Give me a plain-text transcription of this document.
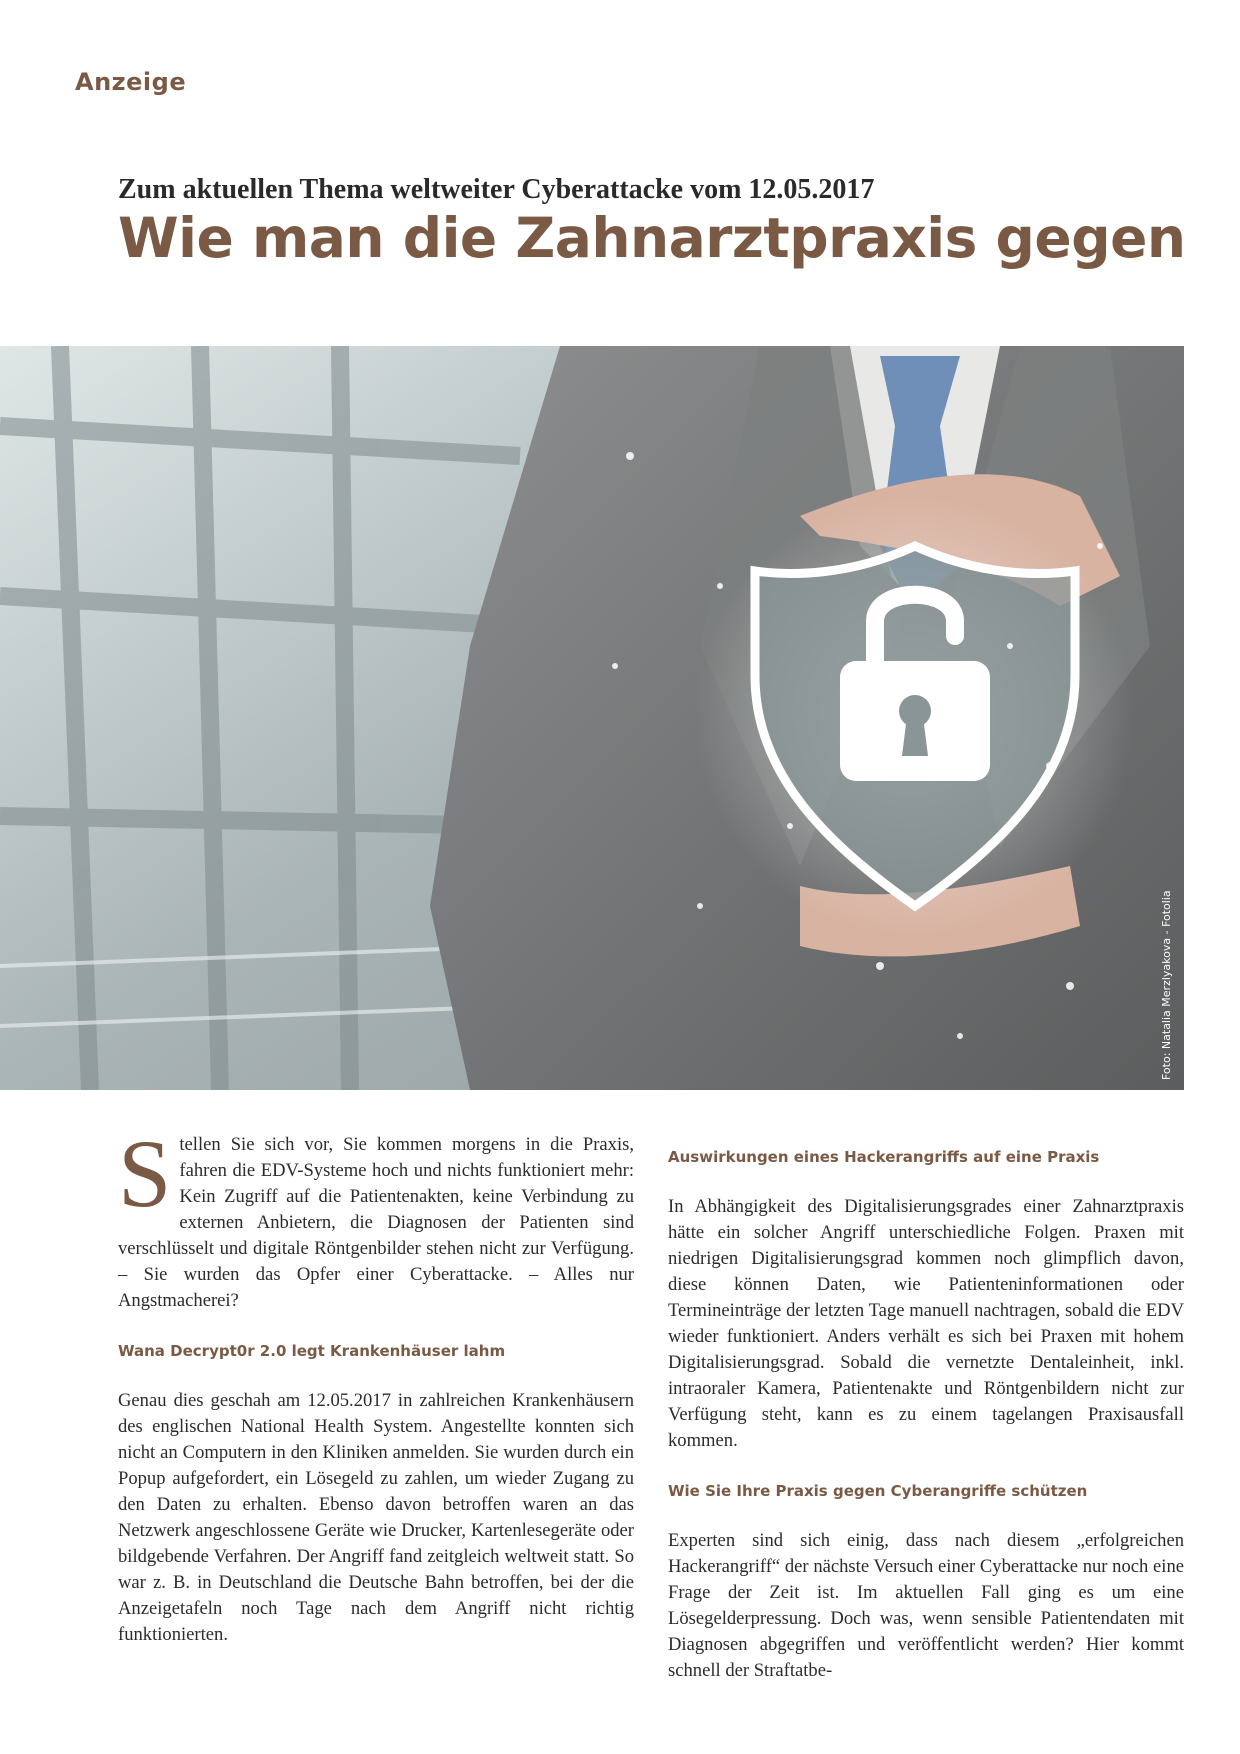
Anzeige
Zum aktuellen Thema weltweiter Cyberattacke vom 12.05.2017
Wie man die Zahnarztpraxis gegen
Foto: Natalia Merzlyakova - Fotolia

Stellen Sie sich vor, Sie kommen morgens in die Praxis, fahren die EDV-Systeme hoch und nichts funktioniert mehr: Kein Zugriff auf die Patientenakten, keine Verbindung zu externen Anbietern, die Diagnosen der Patienten sind verschlüsselt und digitale Röntgenbilder stehen nicht zur Verfügung. – Sie wurden das Opfer einer Cyberattacke. – Alles nur Angstmacherei?

Wana Decrypt0r 2.0 legt Krankenhäuser lahm

Genau dies geschah am 12.05.2017 in zahlreichen Krankenhäusern des englischen National Health System. Angestellte konnten sich nicht an Computern in den Kliniken anmelden. Sie wurden durch ein Popup aufgefordert, ein Lösegeld zu zahlen, um wieder Zugang zu den Daten zu erhalten. Ebenso davon betroffen waren an das Netzwerk angeschlossene Geräte wie Drucker, Kartenlesegeräte oder bildgebende Verfahren. Der Angriff fand zeitgleich weltweit statt. So war z. B. in Deutschland die Deutsche Bahn betroffen, bei der die Anzeigetafeln noch Tage nach dem Angriff nicht richtig funktionierten.

Auswirkungen eines Hackerangriffs auf eine Praxis

In Abhängigkeit des Digitalisierungsgrades einer Zahnarztpraxis hätte ein solcher Angriff unterschiedliche Folgen. Praxen mit niedrigen Digitalisierungsgrad kommen noch glimpflich davon, diese können Daten, wie Patienteninformationen oder Termineinträge der letzten Tage manuell nachtragen, sobald die EDV wieder funktioniert. Anders verhält es sich bei Praxen mit hohem Digitalisierungsgrad. Sobald die vernetzte Dentaleinheit, inkl. intraoraler Kamera, Patientenakte und Röntgenbildern nicht zur Verfügung steht, kann es zu einem tagelangen Praxisausfall kommen.

Wie Sie Ihre Praxis gegen Cyberangriffe schützen

Experten sind sich einig, dass nach diesem „erfolgreichen Hackerangriff“ der nächste Versuch einer Cyberattacke nur noch eine Frage der Zeit ist. Im aktuellen Fall ging es um eine Lösegelderpressung. Doch was, wenn sensible Patientendaten mit Diagnosen abgegriffen und veröffentlicht werden? Hier kommt schnell der Straftatbe-
